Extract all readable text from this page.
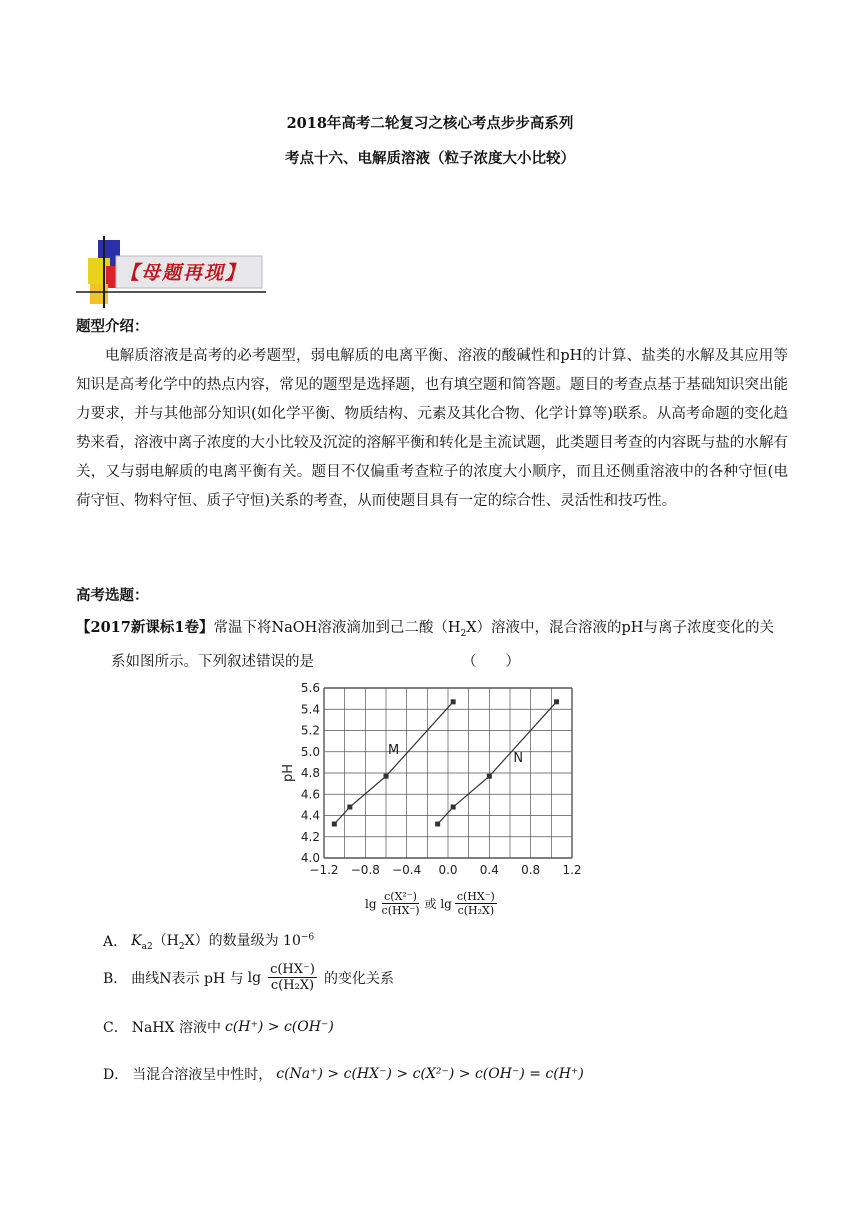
2018年高考二轮复习之核心考点步步高系列
考点十六、电解质溶液（粒子浓度大小比较）
【母题再现】
题型介绍：
电解质溶液是高考的必考题型，弱电解质的电离平衡、溶液的酸碱性和pH的计算、盐类的水解及其应用等知识是高考化学中的热点内容，常见的题型是选择题，也有填空题和简答题。题目的考查点基于基础知识突出能力要求，并与其他部分知识(如化学平衡、物质结构、元素及其化合物、化学计算等)联系。从高考命题的变化趋势来看，溶液中离子浓度的大小比较及沉淀的溶解平衡和转化是主流试题，此类题目考查的内容既与盐的水解有关，又与弱电解质的电离平衡有关。题目不仅偏重考查粒子的浓度大小顺序，而且还侧重溶液中的各种守恒(电荷守恒、物料守恒、质子守恒)关系的考查，从而使题目具有一定的综合性、灵活性和技巧性。
高考选题：
【2017新课标1卷】常温下将NaOH溶液滴加到己二酸$(H_2X)$溶液中，混合溶液的pH与离子浓度变化的关
系如图所示。下列叙述错误的是	（　　）
4.0
4.2
4.4
4.6
4.8
5.0
5.2
5.4
5.6
−1.2 −0.8 −0.4 0.0 0.4 0.8 1.2
pH
M
N
$\lg \frac{\text{c(X²⁻)}}{c(HX^-)}$ 或 $\lg \frac{c(HX^-)}{\text{c(H₂X)}}$
A． $K_{a2}(H_2X)$的数量级为 $10^{-6}$
B． 曲线N表示 pH 与 $\lg \frac{c(HX^-)}{\text{c(H₂X)}}$ 的变化关系
C． NaHX 溶液中 c(H⁺) > c(OH⁻)
D． 当混合溶液呈中性时， c(Na⁺) > c(HX⁻) > c(X²⁻) > c(OH⁻) = c(H⁺)
